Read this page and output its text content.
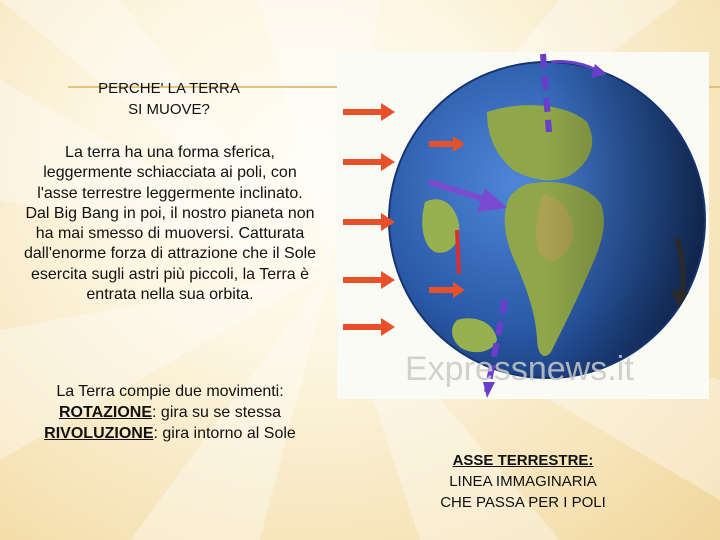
PERCHE' LA TERRA
SI MUOVE?

La terra ha una forma sferica, leggermente schiacciata ai poli, con l'asse terrestre leggermente inclinato.

Dal Big Bang in poi, il nostro pianeta non ha mai smesso di muoversi. Catturata dall'enorme forza di attrazione che il Sole esercita sugli astri più piccoli, la Terra è entrata nella sua orbita.

La Terra compie due movimenti:

ROTAZIONE: gira su se stessa

RIVOLUZIONE: gira intorno al Sole

Expressnews.it
ASSE TERRESTRE:
LINEA IMMAGINARIA
CHE PASSA PER I POLI
